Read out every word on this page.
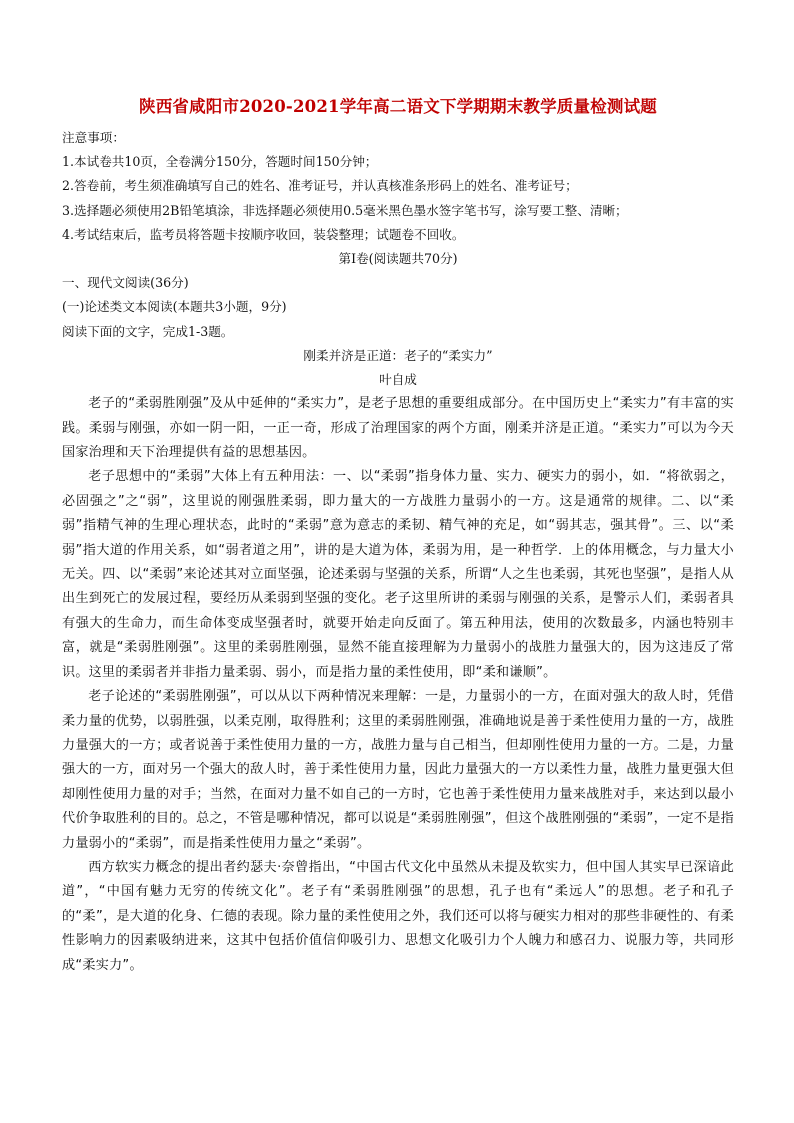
陕西省咸阳市2020-2021学年高二语文下学期期末教学质量检测试题

注意事项：

1.本试卷共10页，全卷满分150分，答题时间150分钟；

2.答卷前，考生须准确填写自己的姓名、准考证号，并认真核准条形码上的姓名、准考证号；

3.选择题必须使用2B铅笔填涂，非选择题必须使用0.5毫米黑色墨水签字笔书写，涂写要工整、清晰；

4.考试结束后，监考员将答题卡按顺序收回，装袋整理；试题卷不回收。

第Ⅰ卷(阅读题共70分)

一、现代文阅读(36分)

(一)论述类文本阅读(本题共3小题，9分)

阅读下面的文字，完成1-3题。

刚柔并济是正道：老子的“柔实力”

叶自成

老子的“柔弱胜刚强”及从中延伸的“柔实力”，是老子思想的重要组成部分。在中国历史上“柔实力”有丰富的实践。柔弱与刚强，亦如一阴一阳，一正一奇，形成了治理国家的两个方面，刚柔并济是正道。“柔实力”可以为今天国家治理和天下治理提供有益的思想基因。

老子思想中的“柔弱”大体上有五种用法：一、以“柔弱”指身体力量、实力、硬实力的弱小，如．“将欲弱之，必固强之”之“弱”，这里说的刚强胜柔弱，即力量大的一方战胜力量弱小的一方。这是通常的规律。二、以“柔弱”指精气神的生理心理状态，此时的“柔弱”意为意志的柔韧、精气神的充足，如“弱其志，强其骨”。三、以“柔弱”指大道的作用关系，如“弱者道之用”，讲的是大道为体，柔弱为用，是一种哲学．上的体用概念，与力量大小无关。四、以“柔弱”来论述其对立面坚强，论述柔弱与坚强的关系，所谓“人之生也柔弱，其死也坚强”，是指人从出生到死亡的发展过程，要经历从柔弱到坚强的变化。老子这里所讲的柔弱与刚强的关系，是警示人们，柔弱者具有强大的生命力，而生命体变成坚强者时，就要开始走向反面了。第五种用法，使用的次数最多，内涵也特别丰富，就是“柔弱胜刚强”。这里的柔弱胜刚强，显然不能直接理解为力量弱小的战胜力量强大的，因为这违反了常识。这里的柔弱者并非指力量柔弱、弱小，而是指力量的柔性使用，即“柔和谦顺”。

老子论述的“柔弱胜刚强”，可以从以下两种情况来理解：一是，力量弱小的一方，在面对强大的敌人时，凭借柔力量的优势，以弱胜强，以柔克刚，取得胜利；这里的柔弱胜刚强，准确地说是善于柔性使用力量的一方，战胜力量强大的一方；或者说善于柔性使用力量的一方，战胜力量与自己相当，但却刚性使用力量的一方。二是，力量强大的一方，面对另一个强大的敌人时，善于柔性使用力量，因此力量强大的一方以柔性力量，战胜力量更强大但却刚性使用力量的对手；当然，在面对力量不如自己的一方时，它也善于柔性使用力量来战胜对手，来达到以最小代价争取胜利的目的。总之，不管是哪种情况，都可以说是“柔弱胜刚强”，但这个战胜刚强的“柔弱”，一定不是指力量弱小的“柔弱”，而是指柔性使用力量之“柔弱”。

西方软实力概念的提出者约瑟夫·奈曾指出，“中国古代文化中虽然从未提及软实力，但中国人其实早已深谙此道”，“中国有魅力无穷的传统文化”。老子有“柔弱胜刚强”的思想，孔子也有“柔远人”的思想。老子和孔子的“柔”，是大道的化身、仁德的表现。除力量的柔性使用之外，我们还可以将与硬实力相对的那些非硬性的、有柔性影响力的因素吸纳进来，这其中包括价值信仰吸引力、思想文化吸引力个人魄力和感召力、说服力等，共同形成“柔实力”。
